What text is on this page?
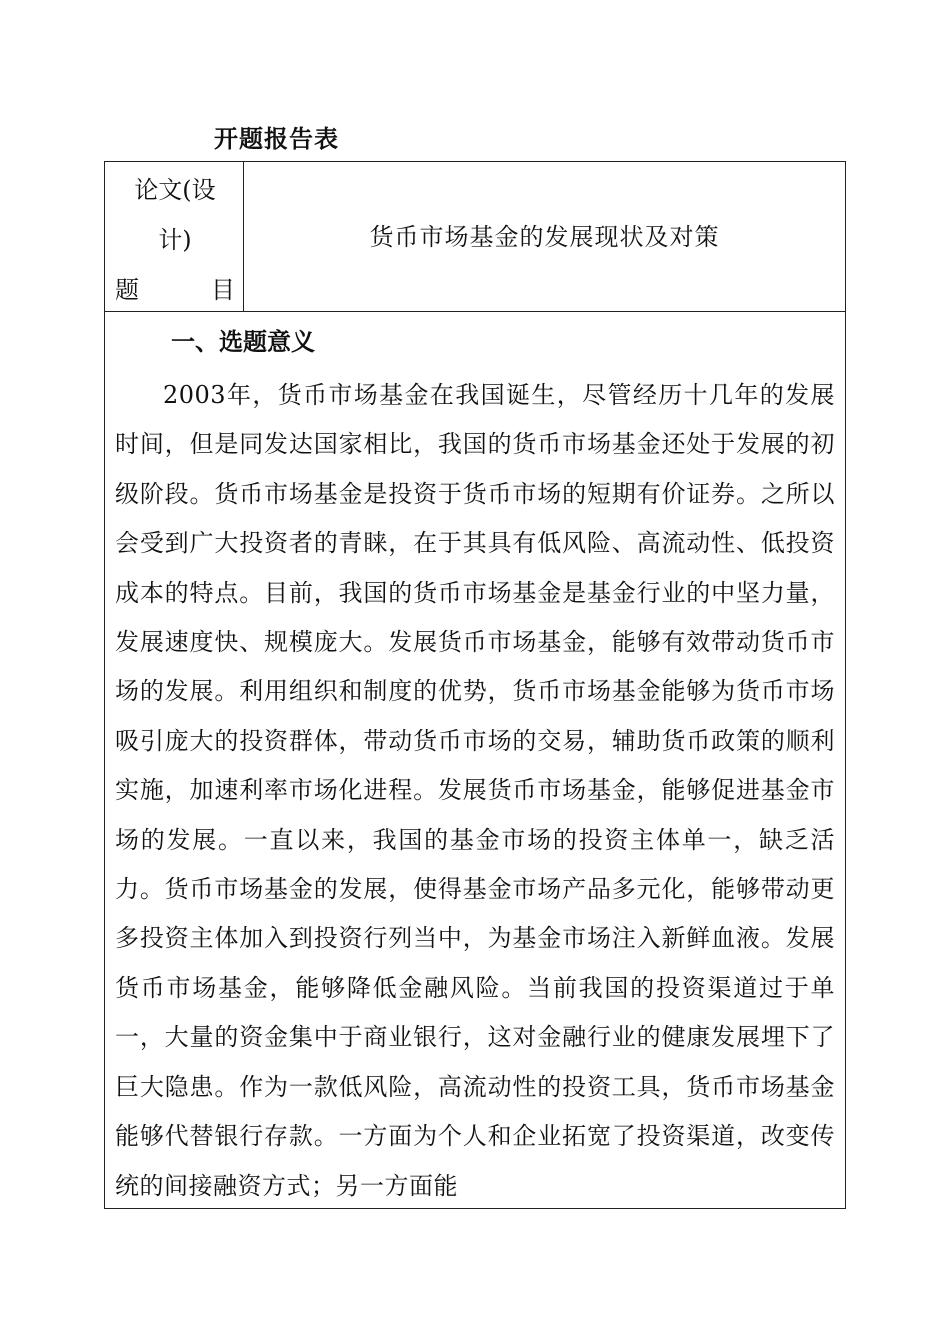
开题报告表
论文(设
计)
题	目
货币市场基金的发展现状及对策
一、选题意义

2003年，货币市场基金在我国诞生，尽管经历十几年的发展时间，但是同发达国家相比，我国的货币市场基金还处于发展的初级阶段。货币市场基金是投资于货币市场的短期有价证券。之所以会受到广大投资者的青睐，在于其具有低风险、高流动性、低投资成本的特点。目前，我国的货币市场基金是基金行业的中坚力量，发展速度快、规模庞大。发展货币市场基金，能够有效带动货币市场的发展。利用组织和制度的优势，货币市场基金能够为货币市场吸引庞大的投资群体，带动货币市场的交易，辅助货币政策的顺利实施，加速利率市场化进程。发展货币市场基金，能够促进基金市场的发展。一直以来，我国的基金市场的投资主体单一，缺乏活力。货币市场基金的发展，使得基金市场产品多元化，能够带动更多投资主体加入到投资行列当中，为基金市场注入新鲜血液。发展货币市场基金，能够降低金融风险。当前我国的投资渠道过于单一，大量的资金集中于商业银行，这对金融行业的健康发展埋下了巨大隐患。作为一款低风险，高流动性的投资工具，货币市场基金能够代替银行存款。一方面为个人和企业拓宽了投资渠道，改变传统的间接融资方式；另一方面能
